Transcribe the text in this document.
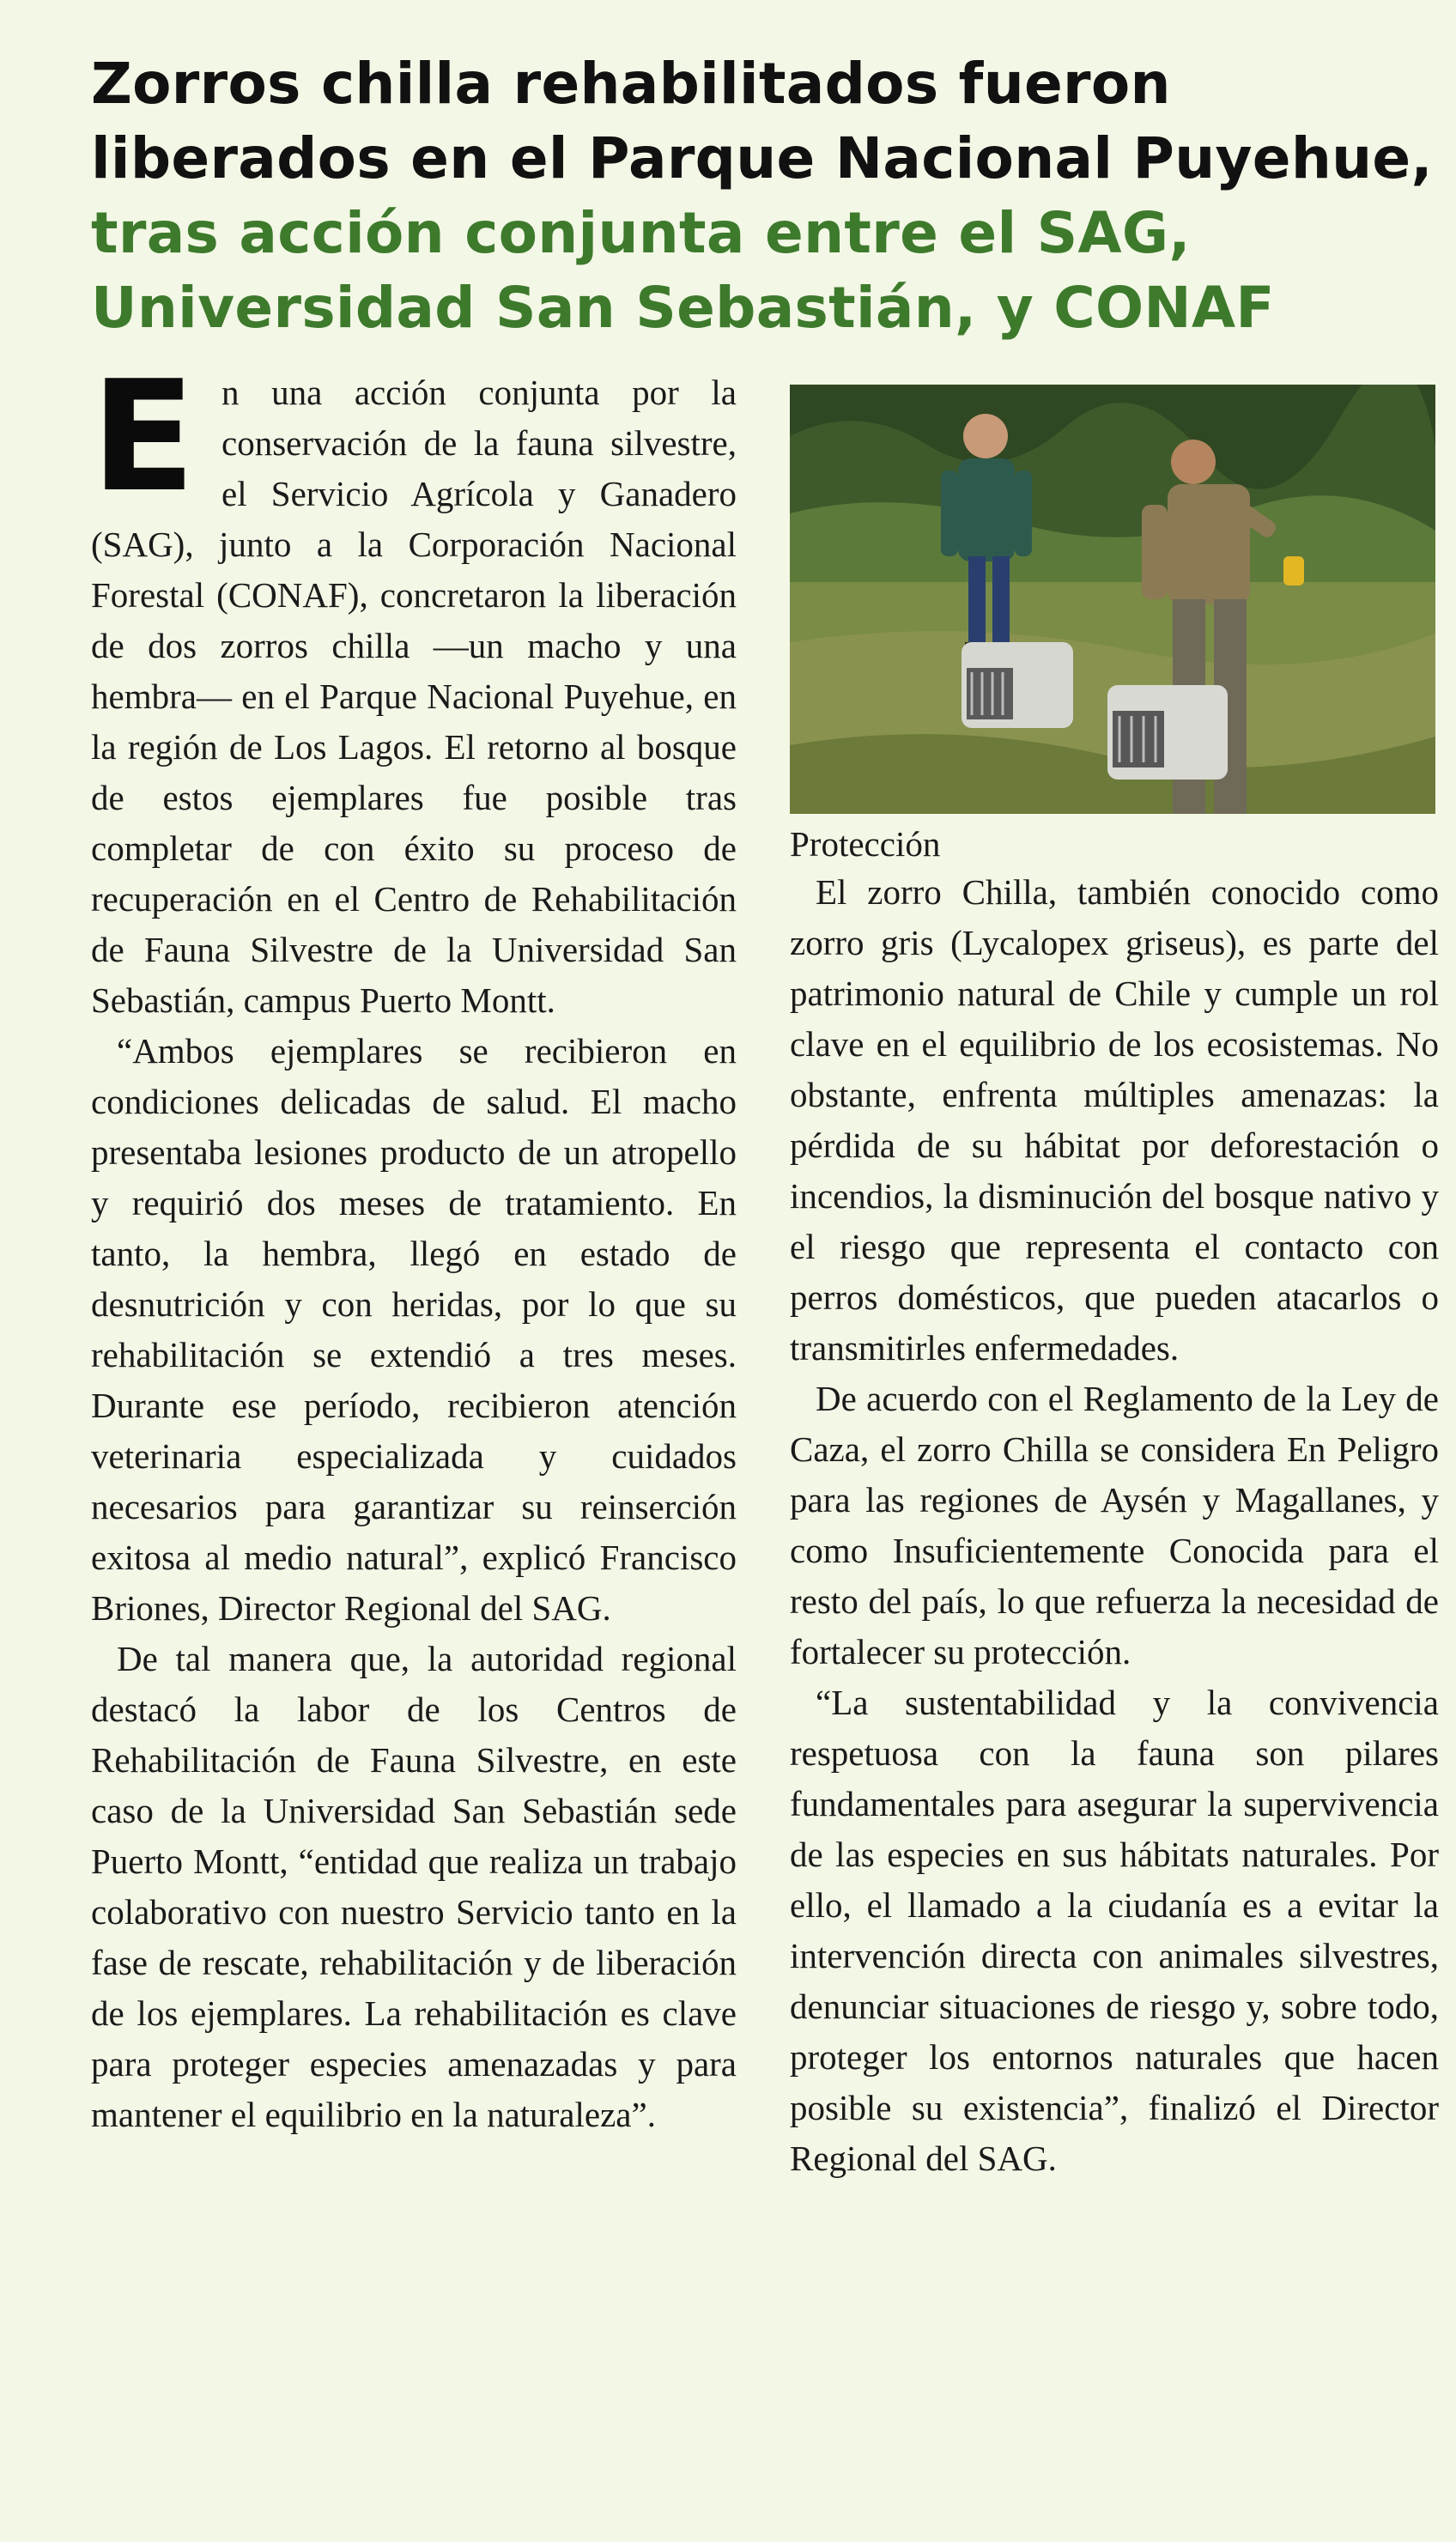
Zorros chilla rehabilitados fueron
liberados en el Parque Nacional Puyehue,
tras acción conjunta entre el SAG,
Universidad San Sebastián, y CONAF

En una acción conjunta por la conservación de la fauna silvestre, el Servicio Agrícola y Ganadero (SAG), junto a la Corporación Nacional Forestal (CONAF), concretaron la liberación de dos zorros chilla —un macho y una hembra— en el Parque Nacional Puyehue, en la región de Los Lagos. El retorno al bosque de estos ejemplares fue posible tras completar de con éxito su proceso de recuperación en el Centro de Rehabilitación de Fauna Silvestre de la Universidad San Sebastián, campus Puerto Montt.

“Ambos ejemplares se recibieron en condiciones delicadas de salud. El macho presentaba lesiones producto de un atropello y requirió dos meses de tratamiento. En tanto, la hembra, llegó en estado de desnutrición y con heridas, por lo que su rehabilitación se extendió a tres meses. Durante ese período, recibieron atención veterinaria especializada y cuidados necesarios para garantizar su reinserción exitosa al medio natural”, explicó Francisco Briones, Director Regional del SAG.

De tal manera que, la autoridad regional destacó la labor de los Centros de Rehabilitación de Fauna Silvestre, en este caso de la Universidad San Sebastián sede Puerto Montt, “entidad que realiza un trabajo colaborativo con nuestro Servicio tanto en la fase de rescate, rehabilitación y de liberación de los ejemplares. La rehabilitación es clave para proteger especies amenazadas y para mantener el equilibrio en la naturaleza”.

Protección

El zorro Chilla, también conocido como zorro gris (Lycalopex griseus), es parte del patrimonio natural de Chile y cumple un rol clave en el equilibrio de los ecosistemas. No obstante, enfrenta múltiples amenazas: la pérdida de su hábitat por deforestación o incendios, la disminución del bosque nativo y el riesgo que representa el contacto con perros domésticos, que pueden atacarlos o transmitirles enfermedades.

De acuerdo con el Reglamento de la Ley de Caza, el zorro Chilla se considera En Peligro para las regiones de Aysén y Magallanes, y como Insuficientemente Conocida para el resto del país, lo que refuerza la necesidad de fortalecer su protección.

“La sustentabilidad y la convivencia respetuosa con la fauna son pilares fundamentales para asegurar la supervivencia de las especies en sus hábitats naturales. Por ello, el llamado a la ciudanía es a evitar la intervención directa con animales silvestres, denunciar situaciones de riesgo y, sobre todo, proteger los entornos naturales que hacen posible su existencia”, finalizó el Director Regional del SAG.
